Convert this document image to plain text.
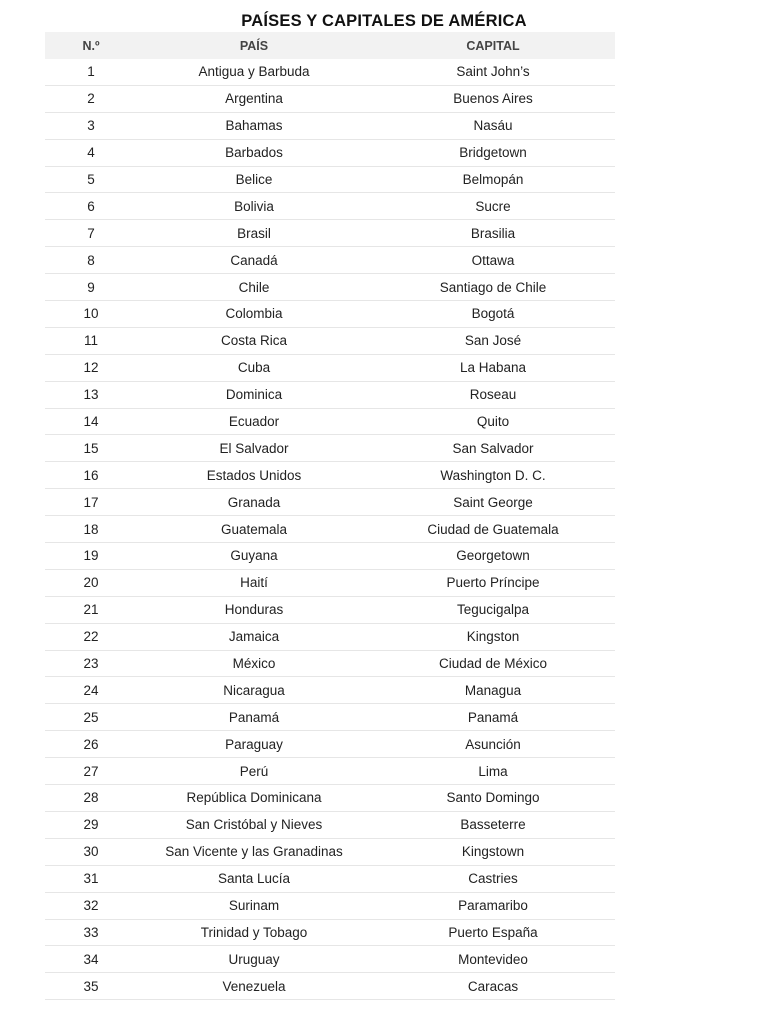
PAÍSES Y CAPITALES DE AMÉRICA
N.º	PAÍS	CAPITAL
1	Antigua y Barbuda	Saint John’s
2	Argentina	Buenos Aires
3	Bahamas	Nasáu
4	Barbados	Bridgetown
5	Belice	Belmopán
6	Bolivia	Sucre
7	Brasil	Brasilia
8	Canadá	Ottawa
9	Chile	Santiago de Chile
10	Colombia	Bogotá
11	Costa Rica	San José
12	Cuba	La Habana
13	Dominica	Roseau
14	Ecuador	Quito
15	El Salvador	San Salvador
16	Estados Unidos	Washington D. C.
17	Granada	Saint George
18	Guatemala	Ciudad de Guatemala
19	Guyana	Georgetown
20	Haití	Puerto Príncipe
21	Honduras	Tegucigalpa
22	Jamaica	Kingston
23	México	Ciudad de México
24	Nicaragua	Managua
25	Panamá	Panamá
26	Paraguay	Asunción
27	Perú	Lima
28	República Dominicana	Santo Domingo
29	San Cristóbal y Nieves	Basseterre
30	San Vicente y las Granadinas	Kingstown
31	Santa Lucía	Castries
32	Surinam	Paramaribo
33	Trinidad y Tobago	Puerto España
34	Uruguay	Montevideo
35	Venezuela	Caracas
